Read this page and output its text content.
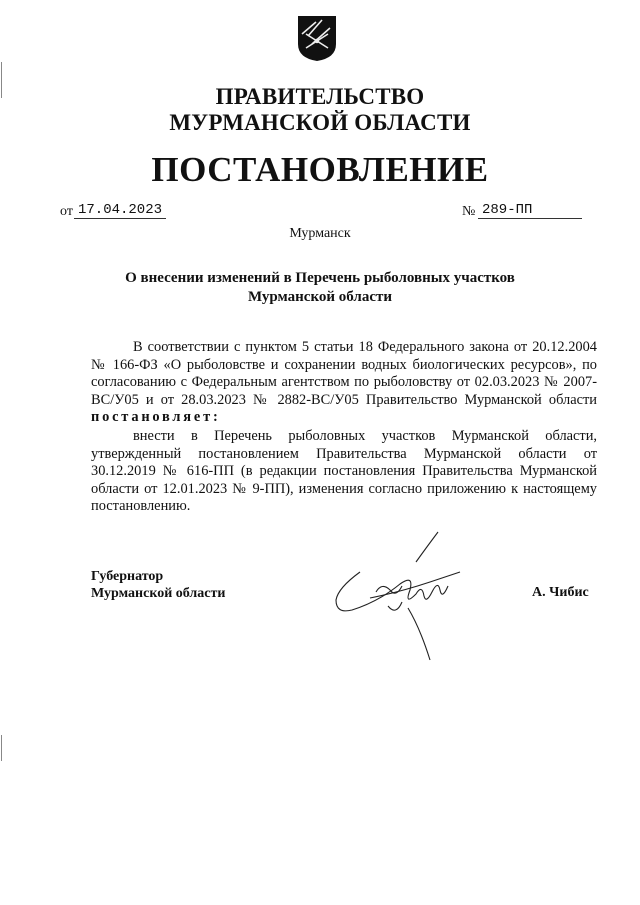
ПРАВИТЕЛЬСТВО
МУРМАНСКОЙ ОБЛАСТИ
ПОСТАНОВЛЕНИЕ
от 17.04.2023	№ 289-ПП
Мурманск
О внесении изменений в Перечень рыболовных участков
Мурманской области
В соответствии с пунктом 5 статьи 18 Федерального закона от 20.12.2004 № 166-ФЗ «О рыболовстве и сохранении водных биологических ресурсов», по согласованию с Федеральным агентством по рыболовству от 02.03.2023 № 2007-ВС/У05 и от 28.03.2023 № 2882-ВС/У05 Правительство Мурманской области постановляет:
внести в Перечень рыболовных участков Мурманской области, утвержденный постановлением Правительства Мурманской области от 30.12.2019 № 616-ПП (в редакции постановления Правительства Мурманской области от 12.01.2023 № 9-ПП), изменения согласно приложению к настоящему постановлению.
Губернатор
Мурманской области	А. Чибис
